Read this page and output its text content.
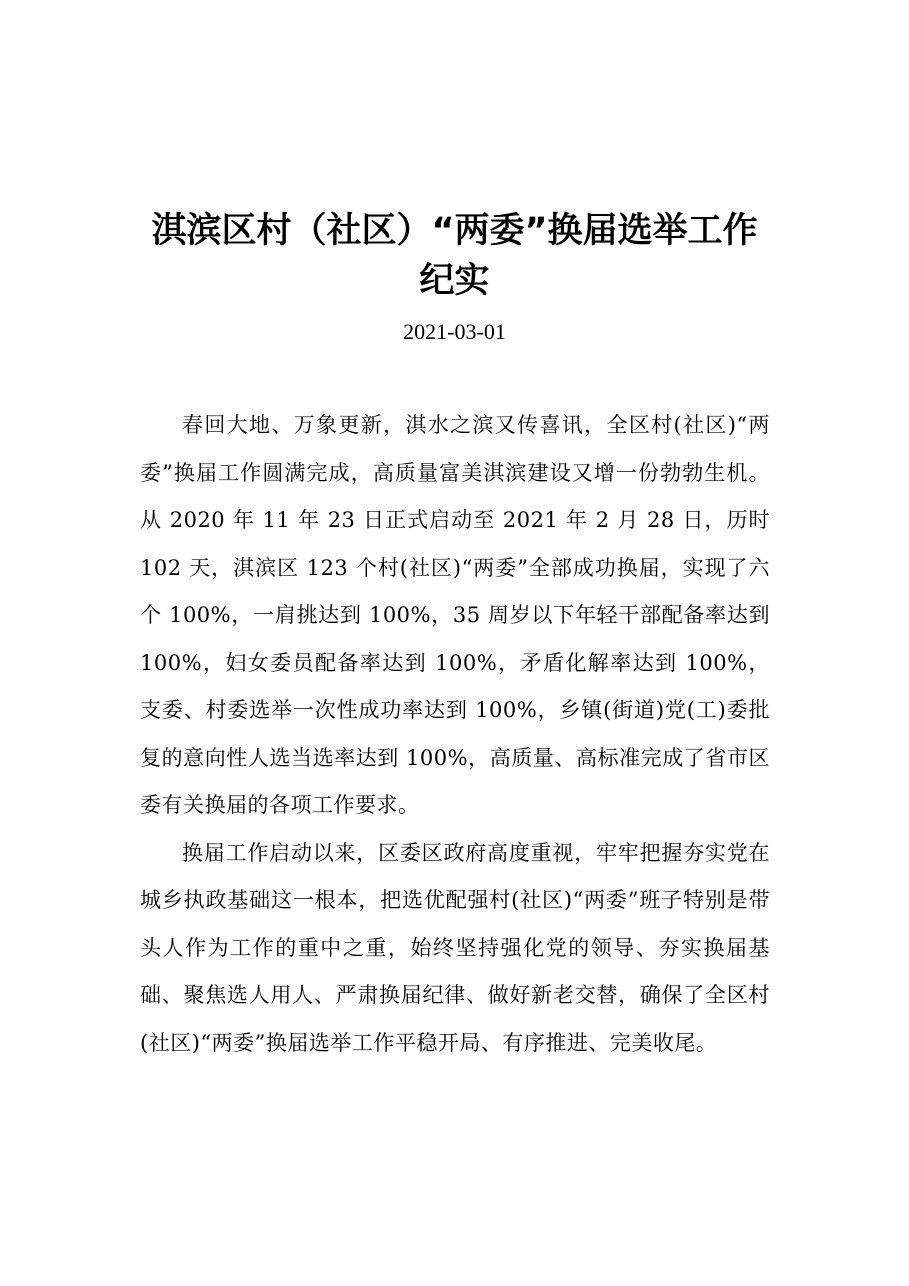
淇滨区村（社区）“两委”换届选举工作
纪实
2021-03-01

春回大地、万象更新，淇水之滨又传喜讯，全区村(社区)“两委”换届工作圆满完成，高质量富美淇滨建设又增一份勃勃生机。从 2020 年 11 年 23 日正式启动至 2021 年 2 月 28 日，历时 102 天，淇滨区 123 个村(社区)“两委”全部成功换届，实现了六个 100%，一肩挑达到 100%，35 周岁以下年轻干部配备率达到 100%，妇女委员配备率达到 100%，矛盾化解率达到 100%，支委、村委选举一次性成功率达到 100%，乡镇(街道)党(工)委批复的意向性人选当选率达到 100%，高质量、高标准完成了省市区委有关换届的各项工作要求。

换届工作启动以来，区委区政府高度重视，牢牢把握夯实党在城乡执政基础这一根本，把选优配强村(社区)“两委”班子特别是带头人作为工作的重中之重，始终坚持强化党的领导、夯实换届基础、聚焦选人用人、严肃换届纪律、做好新老交替，确保了全区村(社区)“两委”换届选举工作平稳开局、有序推进、完美收尾。
